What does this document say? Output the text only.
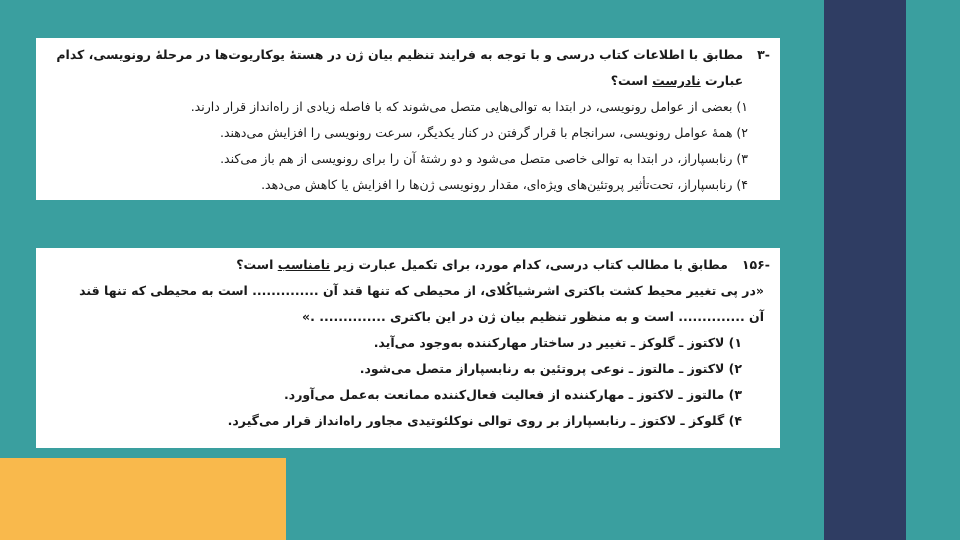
-۳
مطابق با اطلاعات کتاب درسی و با توجه به فرایند تنظیم بیان ژن در هستهٔ یوکاریوت‌ها در مرحلهٔ رونویسی، کدام عبارت نادرست است؟
۱) بعضی از عوامل رونویسی، در ابتدا به توالی‌هایی متصل می‌شوند که با فاصله زیادی از راه‌انداز قرار دارند.
۲) همهٔ عوامل رونویسی، سرانجام با قرار گرفتن در کنار یکدیگر، سرعت رونویسی را افزایش می‌دهند.
۳) رنابسپاراز، در ابتدا به توالی خاصی متصل می‌شود و دو رشتهٔ آن را برای رونویسی از هم باز می‌کند.
۴) رنابسپاراز، تحت‌تأثیر پروتئین‌های ویژه‌ای، مقدار رونویسی ژن‌ها را افزایش یا کاهش می‌دهد.
-۱۵۶
مطابق با مطالب کتاب درسی، کدام مورد، برای تکمیل عبارت زیر نامناسب است؟
«در پی تغییر محیط کشت باکتری اشرشیاکُلای، از محیطی که تنها قند آن .............. است به محیطی که تنها قند
آن .............. است و به منظور تنظیم بیان ژن در این باکتری .............. .»
۱) لاکتوز ـ گلوکز ـ تغییر در ساختار مهارکننده به‌وجود می‌آید.
۲) لاکتوز ـ مالتوز ـ نوعی پروتئین به رنابسپاراز متصل می‌شود.
۳) مالتوز ـ لاکتوز ـ مهارکننده از فعالیت فعال‌کننده ممانعت به‌عمل می‌آورد.
۴) گلوکز ـ لاکتوز ـ رنابسپاراز بر روی توالی نوکلئوتیدی مجاور راه‌انداز قرار می‌گیرد.
